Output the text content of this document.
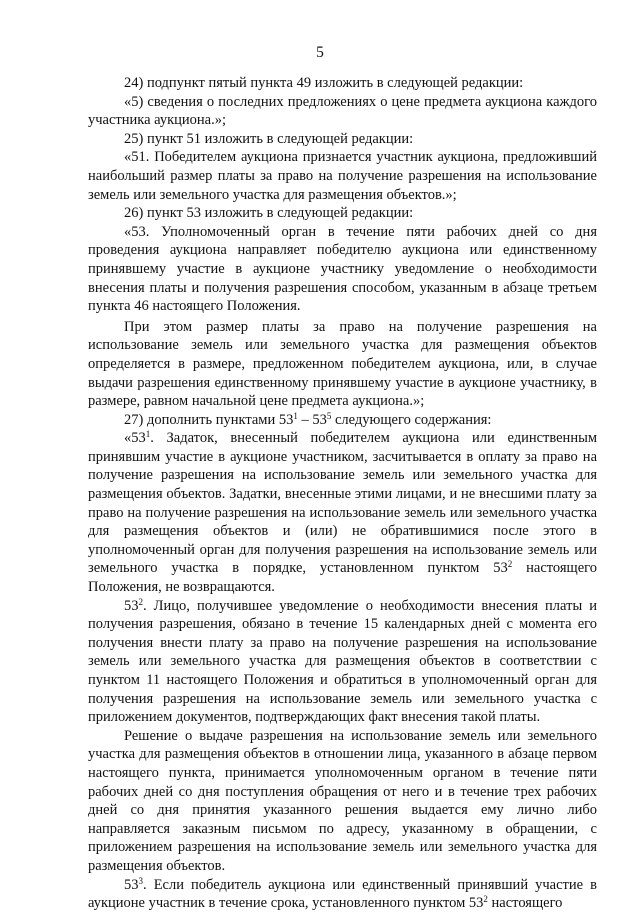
5

24) подпункт пятый пункта 49 изложить в следующей редакции:

«5) сведения о последних предложениях о цене предмета аукциона каждого участника аукциона.»;

25) пункт 51 изложить в следующей редакции:

«51. Победителем аукциона признается участник аукциона, предложивший наибольший размер платы за право на получение разрешения на использование земель или земельного участка для размещения объектов.»;

26) пункт 53 изложить в следующей редакции:

«53. Уполномоченный орган в течение пяти рабочих дней со дня проведения аукциона направляет победителю аукциона или единственному принявшему участие в аукционе участнику уведомление о необходимости внесения платы и получения разрешения способом, указанным в абзаце третьем пункта 46 настоящего Положения.

При этом размер платы за право на получение разрешения на использование земель или земельного участка для размещения объектов определяется в размере, предложенном победителем аукциона, или, в случае выдачи разрешения единственному принявшему участие в аукционе участнику, в размере, равном начальной цене предмета аукциона.»;

27) дополнить пунктами $53^1 - 53^5$ следующего содержания:

«$53^1$. Задаток, внесенный победителем аукциона или единственным принявшим участие в аукционе участником, засчитывается в оплату за право на получение разрешения на использование земель или земельного участка для размещения объектов. Задатки, внесенные этими лицами, и не внесшими плату за право на получение разрешения на использование земель или земельного участка для размещения объектов и (или) не обратившимися после этого в уполномоченный орган для получения разрешения на использование земель или земельного участка в порядке, установленном пунктом $53^2$ настоящего Положения, не возвращаются.

$53^2$. Лицо, получившее уведомление о необходимости внесения платы и получения разрешения, обязано в течение 15 календарных дней с момента его получения внести плату за право на получение разрешения на использование земель или земельного участка для размещения объектов в соответствии с пунктом 11 настоящего Положения и обратиться в уполномоченный орган для получения разрешения на использование земель или земельного участка с приложением документов, подтверждающих факт внесения такой платы.

Решение о выдаче разрешения на использование земель или земельного участка для размещения объектов в отношении лица, указанного в абзаце первом настоящего пункта, принимается уполномоченным органом в течение пяти рабочих дней со дня поступления обращения от него и в течение трех рабочих дней со дня принятия указанного решения выдается ему лично либо направляется заказным письмом по адресу, указанному в обращении, с приложением разрешения на использование земель или земельного участка для размещения объектов.

$53^3$. Если победитель аукциона или единственный принявший участие в аукционе участник в течение срока, установленного пунктом $53^2$ настоящего
